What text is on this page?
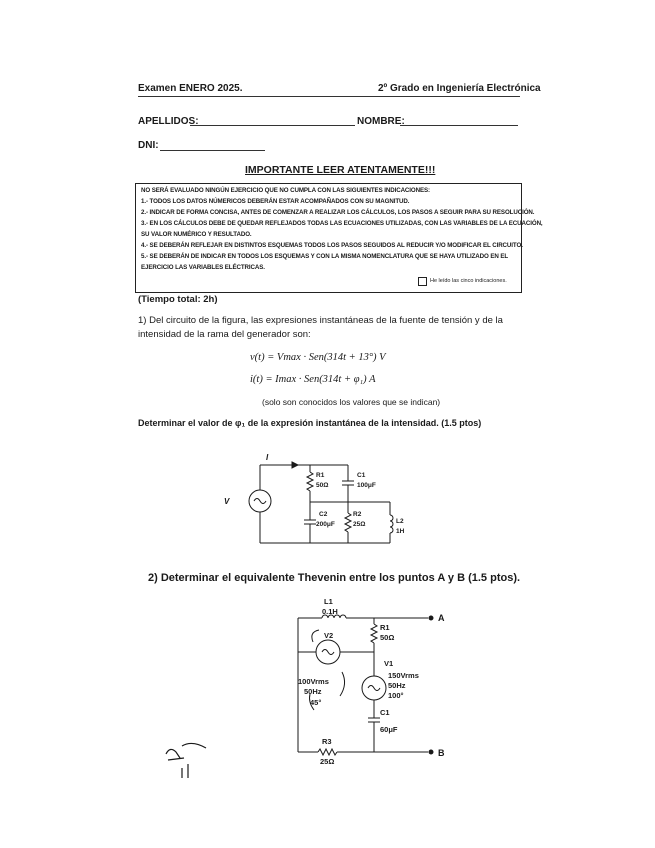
Examen ENERO 2025.	2º Grado en Ingeniería Electrónica
APELLIDOS:	NOMBRE:
DNI:
IMPORTANTE LEER ATENTAMENTE!!!
NO SERÁ EVALUADO NINGÚN EJERCICIO QUE NO CUMPLA CON LAS SIGUIENTES INDICACIONES:
1.- TODOS LOS DATOS NÚMERICOS DEBERÁN ESTAR ACOMPAÑADOS CON SU MAGNITUD.
2.- INDICAR DE FORMA CONCISA, ANTES DE COMENZAR A REALIZAR LOS CÁLCULOS, LOS PASOS A SEGUIR PARA SU RESOLUCIÓN.
3.- EN LOS CÁLCULOS DEBE DE QUEDAR REFLEJADOS TODAS LAS ECUACIONES UTILIZADAS, CON LAS VARIABLES DE LA ECUACIÓN,
SU VALOR NUMÉRICO Y RESULTADO.
4.- SE DEBERÁN REFLEJAR EN DISTINTOS ESQUEMAS TODOS LOS PASOS SEGUIDOS AL REDUCIR Y/O MODIFICAR EL CIRCUITO.
5.- SE DEBERÁN DE INDICAR EN TODOS LOS ESQUEMAS Y CON LA MISMA NOMENCLATURA QUE SE HAYA UTILIZADO EN EL
EJERCICIO LAS VARIABLES ELÉCTRICAS.
He leído las cinco indicaciones.
(Tiempo total: 2h)
1) Del circuito de la figura, las expresiones instantáneas de la fuente de tensión y de la
intensidad de la rama del generador son:
v(t) = Vmax · Sen(314t + 13°) V
i(t) = Imax · Sen(314t + φ₁) A
(solo son conocidos los valores que se indican)
Determinar el valor de φ₁ de la expresión instantánea de la intensidad. (1.5 ptos)
I
V
R1
50Ω
C1
100μF
C2
200μF
R2
25Ω	L2
1H
2) Determinar el equivalente Thevenin entre los puntos A y B (1.5 ptos).
L1
0.1H
R1
50Ω
V2
100Vrms
50Hz
45°
V1
150Vrms
50Hz
100°
C1
60μF
R3
25Ω
A
B
